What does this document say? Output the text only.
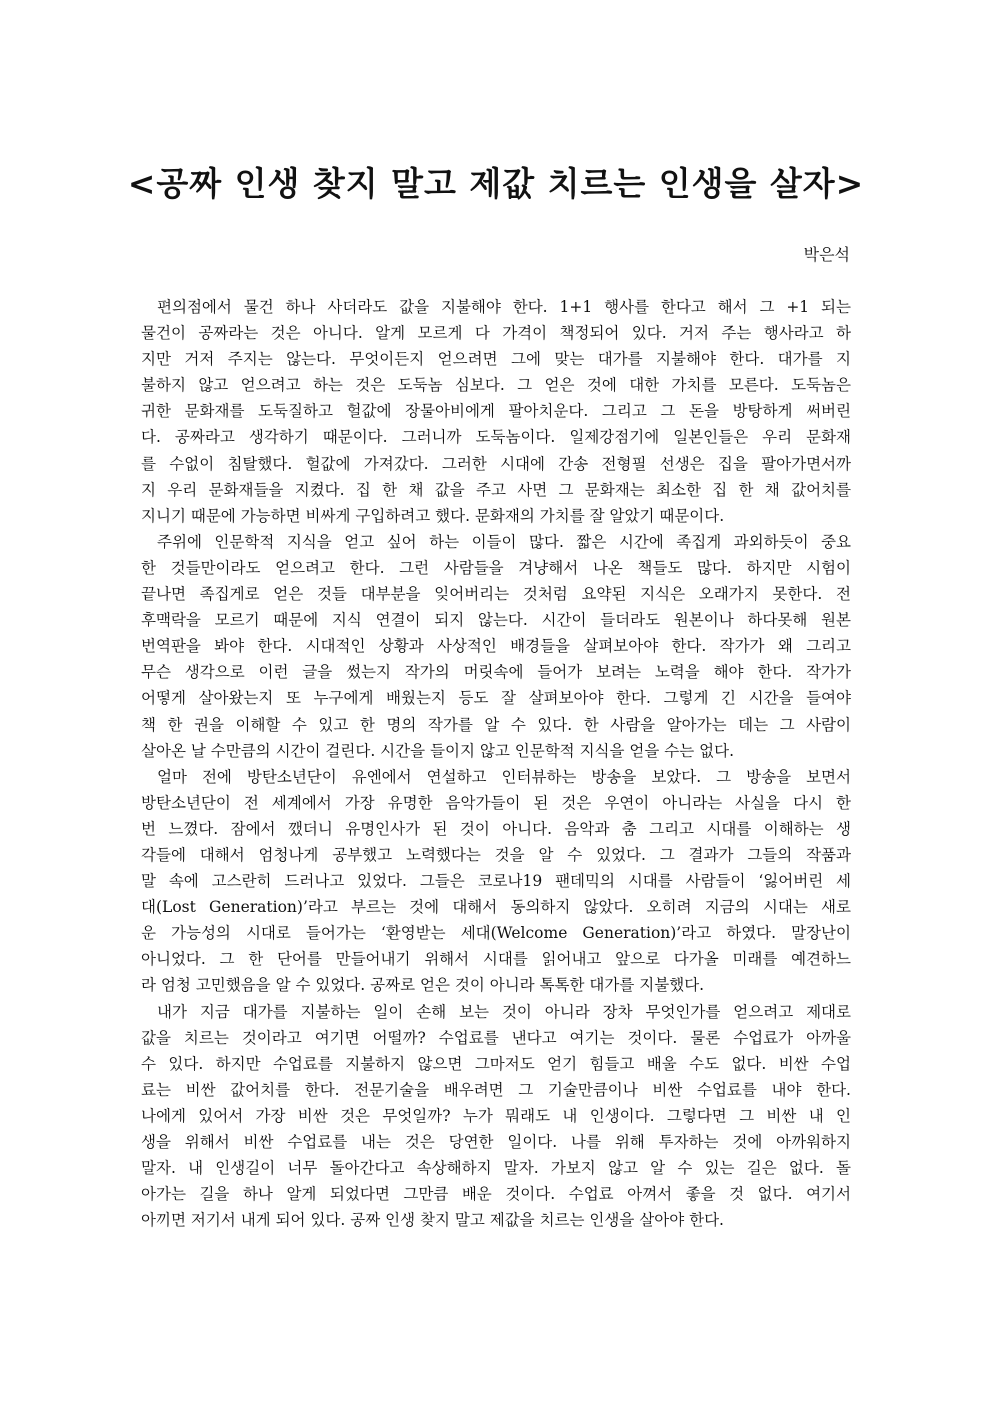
<공짜 인생 찾지 말고 제값 치르는 인생을 살자>
박은석
편의점에서 물건 하나 사더라도 값을 지불해야 한다. 1+1 행사를 한다고 해서 그 +1 되는
물건이 공짜라는 것은 아니다. 알게 모르게 다 가격이 책정되어 있다. 거저 주는 행사라고 하
지만 거저 주지는 않는다. 무엇이든지 얻으려면 그에 맞는 대가를 지불해야 한다. 대가를 지
불하지 않고 얻으려고 하는 것은 도둑놈 심보다. 그 얻은 것에 대한 가치를 모른다. 도둑놈은
귀한 문화재를 도둑질하고 헐값에 장물아비에게 팔아치운다. 그리고 그 돈을 방탕하게 써버린
다. 공짜라고 생각하기 때문이다. 그러니까 도둑놈이다. 일제강점기에 일본인들은 우리 문화재
를 수없이 침탈했다. 헐값에 가져갔다. 그러한 시대에 간송 전형필 선생은 집을 팔아가면서까
지 우리 문화재들을 지켰다. 집 한 채 값을 주고 사면 그 문화재는 최소한 집 한 채 값어치를
지니기 때문에 가능하면 비싸게 구입하려고 했다. 문화재의 가치를 잘 알았기 때문이다.
주위에 인문학적 지식을 얻고 싶어 하는 이들이 많다. 짧은 시간에 족집게 과외하듯이 중요
한 것들만이라도 얻으려고 한다. 그런 사람들을 겨냥해서 나온 책들도 많다. 하지만 시험이
끝나면 족집게로 얻은 것들 대부분을 잊어버리는 것처럼 요약된 지식은 오래가지 못한다. 전
후맥락을 모르기 때문에 지식 연결이 되지 않는다. 시간이 들더라도 원본이나 하다못해 원본
번역판을 봐야 한다. 시대적인 상황과 사상적인 배경들을 살펴보아야 한다. 작가가 왜 그리고
무슨 생각으로 이런 글을 썼는지 작가의 머릿속에 들어가 보려는 노력을 해야 한다. 작가가
어떻게 살아왔는지 또 누구에게 배웠는지 등도 잘 살펴보아야 한다. 그렇게 긴 시간을 들여야
책 한 권을 이해할 수 있고 한 명의 작가를 알 수 있다. 한 사람을 알아가는 데는 그 사람이
살아온 날 수만큼의 시간이 걸린다. 시간을 들이지 않고 인문학적 지식을 얻을 수는 없다.
얼마 전에 방탄소년단이 유엔에서 연설하고 인터뷰하는 방송을 보았다. 그 방송을 보면서
방탄소년단이 전 세계에서 가장 유명한 음악가들이 된 것은 우연이 아니라는 사실을 다시 한
번 느꼈다. 잠에서 깼더니 유명인사가 된 것이 아니다. 음악과 춤 그리고 시대를 이해하는 생
각들에 대해서 엄청나게 공부했고 노력했다는 것을 알 수 있었다. 그 결과가 그들의 작품과
말 속에 고스란히 드러나고 있었다. 그들은 코로나19 팬데믹의 시대를 사람들이 ‘잃어버린 세
대(Lost Generation)’라고 부르는 것에 대해서 동의하지 않았다. 오히려 지금의 시대는 새로
운 가능성의 시대로 들어가는 ‘환영받는 세대(Welcome Generation)’라고 하였다. 말장난이
아니었다. 그 한 단어를 만들어내기 위해서 시대를 읽어내고 앞으로 다가올 미래를 예견하느
라 엄청 고민했음을 알 수 있었다. 공짜로 얻은 것이 아니라 톡톡한 대가를 지불했다.
내가 지금 대가를 지불하는 일이 손해 보는 것이 아니라 장차 무엇인가를 얻으려고 제대로
값을 치르는 것이라고 여기면 어떨까? 수업료를 낸다고 여기는 것이다. 물론 수업료가 아까울
수 있다. 하지만 수업료를 지불하지 않으면 그마저도 얻기 힘들고 배울 수도 없다. 비싼 수업
료는 비싼 값어치를 한다. 전문기술을 배우려면 그 기술만큼이나 비싼 수업료를 내야 한다.
나에게 있어서 가장 비싼 것은 무엇일까? 누가 뭐래도 내 인생이다. 그렇다면 그 비싼 내 인
생을 위해서 비싼 수업료를 내는 것은 당연한 일이다. 나를 위해 투자하는 것에 아까워하지
말자. 내 인생길이 너무 돌아간다고 속상해하지 말자. 가보지 않고 알 수 있는 길은 없다. 돌
아가는 길을 하나 알게 되었다면 그만큼 배운 것이다. 수업료 아껴서 좋을 것 없다. 여기서
아끼면 저기서 내게 되어 있다. 공짜 인생 찾지 말고 제값을 치르는 인생을 살아야 한다.
